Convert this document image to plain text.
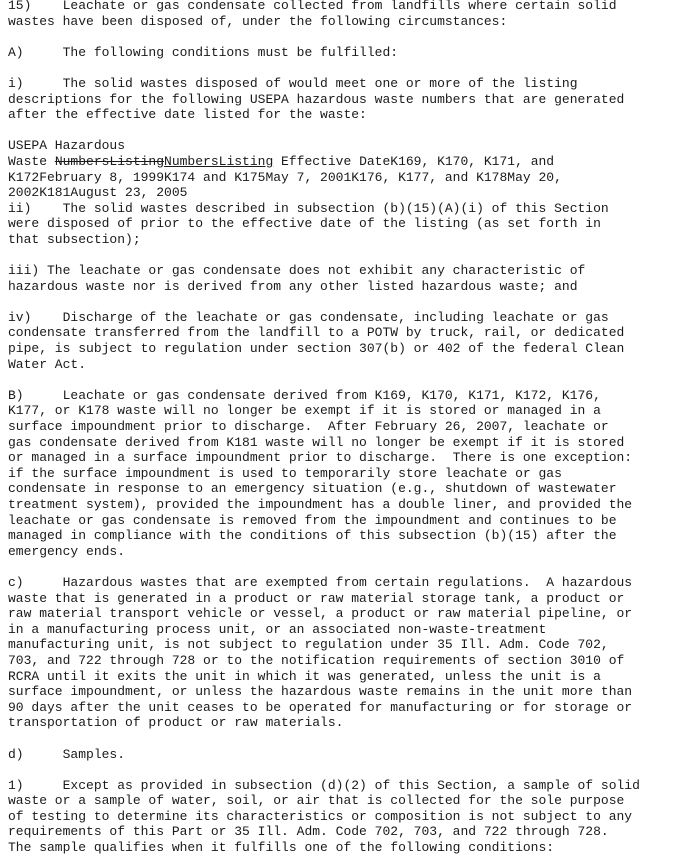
15)    Leachate or gas condensate collected from landfills where certain solid
wastes have been disposed of, under the following circumstances:
A)     The following conditions must be fulfilled:
i)     The solid wastes disposed of would meet one or more of the listing
descriptions for the following USEPA hazardous waste numbers that are generated
after the effective date listed for the waste:
USEPA Hazardous
Waste NumbersListingNumbersListing Effective DateK169, K170, K171, and
K172February 8, 1999K174 and K175May 7, 2001K176, K177, and K178May 20,
2002K181August 23, 2005
ii)    The solid wastes described in subsection (b)(15)(A)(i) of this Section
were disposed of prior to the effective date of the listing (as set forth in
that subsection);
iii) The leachate or gas condensate does not exhibit any characteristic of
hazardous waste nor is derived from any other listed hazardous waste; and
iv)    Discharge of the leachate or gas condensate, including leachate or gas
condensate transferred from the landfill to a POTW by truck, rail, or dedicated
pipe, is subject to regulation under section 307(b) or 402 of the federal Clean
Water Act.
B)     Leachate or gas condensate derived from K169, K170, K171, K172, K176,
K177, or K178 waste will no longer be exempt if it is stored or managed in a
surface impoundment prior to discharge.  After February 26, 2007, leachate or
gas condensate derived from K181 waste will no longer be exempt if it is stored
or managed in a surface impoundment prior to discharge.  There is one exception:
if the surface impoundment is used to temporarily store leachate or gas
condensate in response to an emergency situation (e.g., shutdown of wastewater
treatment system), provided the impoundment has a double liner, and provided the
leachate or gas condensate is removed from the impoundment and continues to be
managed in compliance with the conditions of this subsection (b)(15) after the
emergency ends.
c)     Hazardous wastes that are exempted from certain regulations.  A hazardous
waste that is generated in a product or raw material storage tank, a product or
raw material transport vehicle or vessel, a product or raw material pipeline, or
in a manufacturing process unit, or an associated non-waste-treatment
manufacturing unit, is not subject to regulation under 35 Ill. Adm. Code 702,
703, and 722 through 728 or to the notification requirements of section 3010 of
RCRA until it exits the unit in which it was generated, unless the unit is a
surface impoundment, or unless the hazardous waste remains in the unit more than
90 days after the unit ceases to be operated for manufacturing or for storage or
transportation of product or raw materials.
d)     Samples.
1)     Except as provided in subsection (d)(2) of this Section, a sample of solid
waste or a sample of water, soil, or air that is collected for the sole purpose
of testing to determine its characteristics or composition is not subject to any
requirements of this Part or 35 Ill. Adm. Code 702, 703, and 722 through 728.
The sample qualifies when it fulfills one of the following conditions:
